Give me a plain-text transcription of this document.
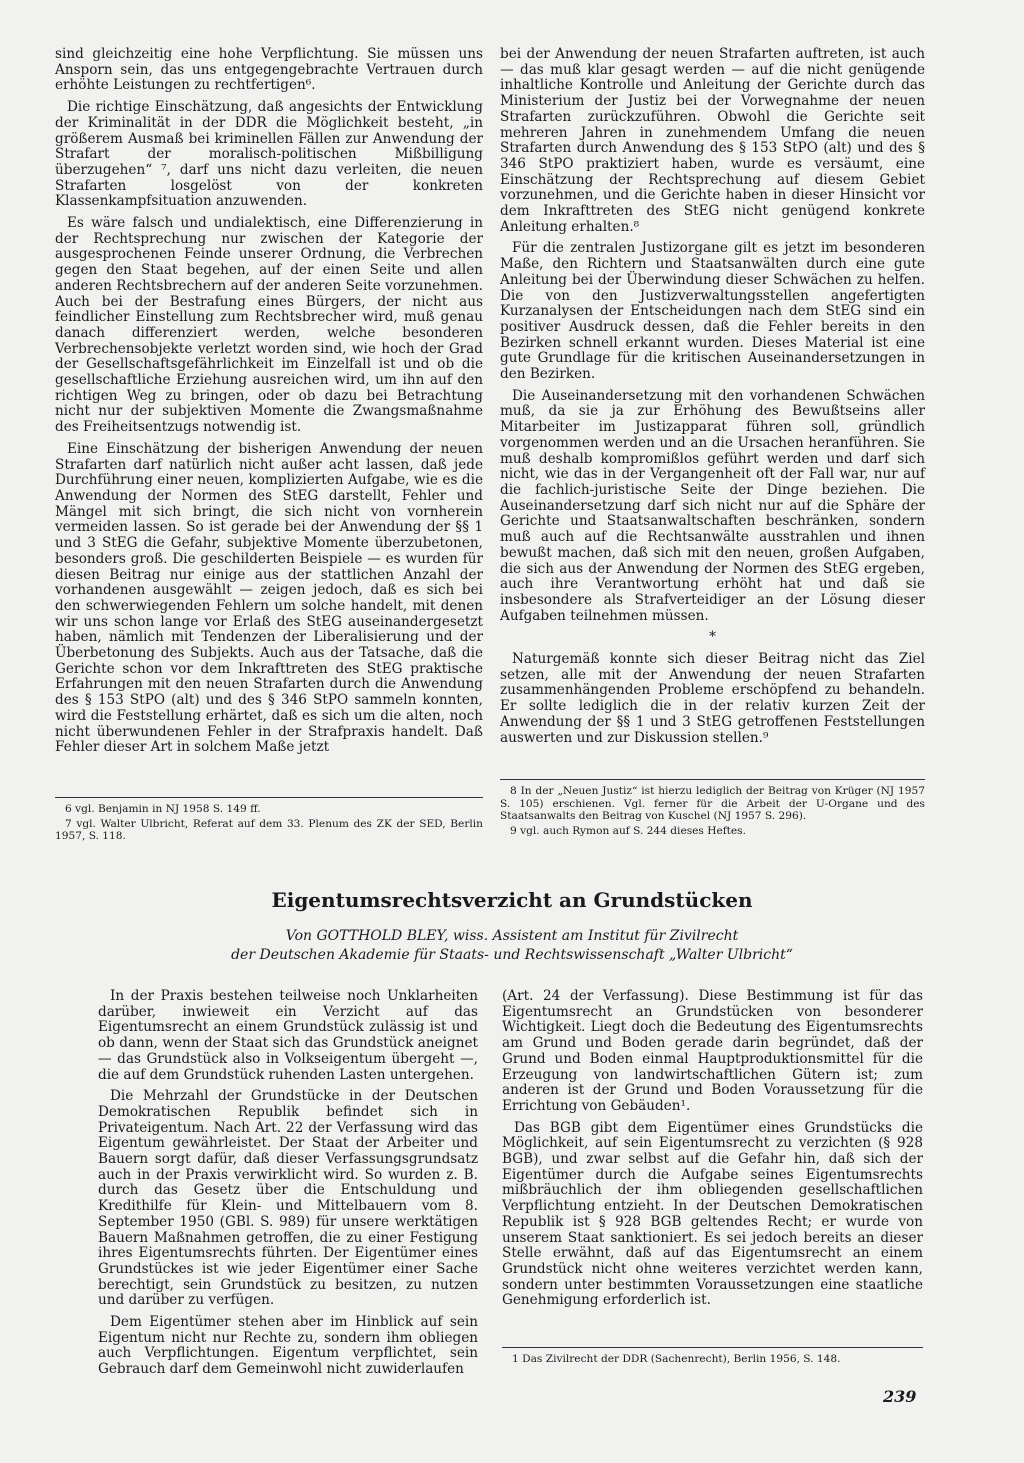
sind gleichzeitig eine hohe Verpflichtung. Sie müssen uns Ansporn sein, das uns entgegengebrachte Vertrauen durch erhöhte Leistungen zu rechtfertigen⁶.

Die richtige Einschätzung, daß angesichts der Entwicklung der Kriminalität in der DDR die Möglichkeit besteht, „in größerem Ausmaß bei kriminellen Fällen zur Anwendung der Strafart der moralisch-politischen Mißbilligung überzugehen“ ⁷, darf uns nicht dazu verleiten, die neuen Strafarten losgelöst von der konkreten Klassenkampfsituation anzuwenden.

Es wäre falsch und undialektisch, eine Differenzierung in der Rechtsprechung nur zwischen der Kategorie der ausgesprochenen Feinde unserer Ordnung, die Verbrechen gegen den Staat begehen, auf der einen Seite und allen anderen Rechtsbrechern auf der anderen Seite vorzunehmen. Auch bei der Bestrafung eines Bürgers, der nicht aus feindlicher Einstellung zum Rechtsbrecher wird, muß genau danach differenziert werden, welche besonderen Verbrechensobjekte verletzt worden sind, wie hoch der Grad der Gesellschaftsgefährlichkeit im Einzelfall ist und ob die gesellschaftliche Erziehung ausreichen wird, um ihn auf den richtigen Weg zu bringen, oder ob dazu bei Betrachtung nicht nur der subjektiven Momente die Zwangsmaßnahme des Freiheitsentzugs notwendig ist.

Eine Einschätzung der bisherigen Anwendung der neuen Strafarten darf natürlich nicht außer acht lassen, daß jede Durchführung einer neuen, komplizierten Aufgabe, wie es die Anwendung der Normen des StEG darstellt, Fehler und Mängel mit sich bringt, die sich nicht von vornherein vermeiden lassen. So ist gerade bei der Anwendung der §§ 1 und 3 StEG die Gefahr, subjektive Momente überzubetonen, besonders groß. Die geschilderten Beispiele — es wurden für diesen Beitrag nur einige aus der stattlichen Anzahl der vorhandenen ausgewählt — zeigen jedoch, daß es sich bei den schwerwiegenden Fehlern um solche handelt, mit denen wir uns schon lange vor Erlaß des StEG auseinandergesetzt haben, nämlich mit Tendenzen der Liberalisierung und der Überbetonung des Subjekts. Auch aus der Tatsache, daß die Gerichte schon vor dem Inkrafttreten des StEG praktische Erfahrungen mit den neuen Strafarten durch die Anwendung des § 153 StPO (alt) und des § 346 StPO sammeln konnten, wird die Feststellung erhärtet, daß es sich um die alten, noch nicht überwundenen Fehler in der Strafpraxis handelt. Daß Fehler dieser Art in solchem Maße jetzt

6 vgl. Benjamin in NJ 1958 S. 149 ff.

7 vgl. Walter Ulbricht, Referat auf dem 33. Plenum des ZK der SED, Berlin 1957, S. 118.

bei der Anwendung der neuen Strafarten auftreten, ist auch — das muß klar gesagt werden — auf die nicht genügende inhaltliche Kontrolle und Anleitung der Gerichte durch das Ministerium der Justiz bei der Vorwegnahme der neuen Strafarten zurückzuführen. Obwohl die Gerichte seit mehreren Jahren in zunehmendem Umfang die neuen Strafarten durch Anwendung des § 153 StPO (alt) und des § 346 StPO praktiziert haben, wurde es versäumt, eine Einschätzung der Rechtsprechung auf diesem Gebiet vorzunehmen, und die Gerichte haben in dieser Hinsicht vor dem Inkrafttreten des StEG nicht genügend konkrete Anleitung erhalten.⁸

Für die zentralen Justizorgane gilt es jetzt im besonderen Maße, den Richtern und Staatsanwälten durch eine gute Anleitung bei der Überwindung dieser Schwächen zu helfen. Die von den Justizverwaltungsstellen angefertigten Kurzanalysen der Entscheidungen nach dem StEG sind ein positiver Ausdruck dessen, daß die Fehler bereits in den Bezirken schnell erkannt wurden. Dieses Material ist eine gute Grundlage für die kritischen Auseinandersetzungen in den Bezirken.

Die Auseinandersetzung mit den vorhandenen Schwächen muß, da sie ja zur Erhöhung des Bewußtseins aller Mitarbeiter im Justizapparat führen soll, gründlich vorgenommen werden und an die Ursachen heranführen. Sie muß deshalb kompromißlos geführt werden und darf sich nicht, wie das in der Vergangenheit oft der Fall war, nur auf die fachlich-juristische Seite der Dinge beziehen. Die Auseinandersetzung darf sich nicht nur auf die Sphäre der Gerichte und Staatsanwaltschaften beschränken, sondern muß auch auf die Rechtsanwälte ausstrahlen und ihnen bewußt machen, daß sich mit den neuen, großen Aufgaben, die sich aus der Anwendung der Normen des StEG ergeben, auch ihre Verantwortung erhöht hat und daß sie insbesondere als Strafverteidiger an der Lösung dieser Aufgaben teilnehmen müssen.

*

Naturgemäß konnte sich dieser Beitrag nicht das Ziel setzen, alle mit der Anwendung der neuen Strafarten zusammenhängenden Probleme erschöpfend zu behandeln. Er sollte lediglich die in der relativ kurzen Zeit der Anwendung der §§ 1 und 3 StEG getroffenen Feststellungen auswerten und zur Diskussion stellen.⁹

8 In der „Neuen Justiz“ ist hierzu lediglich der Beitrag von Krüger (NJ 1957 S. 105) erschienen. Vgl. ferner für die Arbeit der U-Organe und des Staatsanwalts den Beitrag von Kuschel (NJ 1957 S. 296).

9 vgl. auch Rymon auf S. 244 dieses Heftes.

Eigentumsrechtsverzicht an Grundstücken

Von GOTTHOLD BLEY, wiss. Assistent am Institut für Zivilrecht

der Deutschen Akademie für Staats- und Rechtswissenschaft „Walter Ulbricht“

In der Praxis bestehen teilweise noch Unklarheiten darüber, inwieweit ein Verzicht auf das Eigentumsrecht an einem Grundstück zulässig ist und ob dann, wenn der Staat sich das Grundstück aneignet — das Grundstück also in Volkseigentum übergeht —, die auf dem Grundstück ruhenden Lasten untergehen.

Die Mehrzahl der Grundstücke in der Deutschen Demokratischen Republik befindet sich in Privateigentum. Nach Art. 22 der Verfassung wird das Eigentum gewährleistet. Der Staat der Arbeiter und Bauern sorgt dafür, daß dieser Verfassungsgrundsatz auch in der Praxis verwirklicht wird. So wurden z. B. durch das Gesetz über die Entschuldung und Kredithilfe für Klein- und Mittelbauern vom 8. September 1950 (GBl. S. 989) für unsere werktätigen Bauern Maßnahmen getroffen, die zu einer Festigung ihres Eigentumsrechts führten. Der Eigentümer eines Grundstückes ist wie jeder Eigentümer einer Sache berechtigt, sein Grundstück zu besitzen, zu nutzen und darüber zu verfügen.

Dem Eigentümer stehen aber im Hinblick auf sein Eigentum nicht nur Rechte zu, sondern ihm obliegen auch Verpflichtungen. Eigentum verpflichtet, sein Gebrauch darf dem Gemeinwohl nicht zuwiderlaufen

(Art. 24 der Verfassung). Diese Bestimmung ist für das Eigentumsrecht an Grundstücken von besonderer Wichtigkeit. Liegt doch die Bedeutung des Eigentumsrechts am Grund und Boden gerade darin begründet, daß der Grund und Boden einmal Hauptproduktionsmittel für die Erzeugung von landwirtschaftlichen Gütern ist; zum anderen ist der Grund und Boden Voraussetzung für die Errichtung von Gebäuden¹.

Das BGB gibt dem Eigentümer eines Grundstücks die Möglichkeit, auf sein Eigentumsrecht zu verzichten (§ 928 BGB), und zwar selbst auf die Gefahr hin, daß sich der Eigentümer durch die Aufgabe seines Eigentumsrechts mißbräuchlich der ihm obliegenden gesellschaftlichen Verpflichtung entzieht. In der Deutschen Demokratischen Republik ist § 928 BGB geltendes Recht; er wurde von unserem Staat sanktioniert. Es sei jedoch bereits an dieser Stelle erwähnt, daß auf das Eigentumsrecht an einem Grundstück nicht ohne weiteres verzichtet werden kann, sondern unter bestimmten Voraussetzungen eine staatliche Genehmigung erforderlich ist.

1 Das Zivilrecht der DDR (Sachenrecht), Berlin 1956, S. 148.

239
